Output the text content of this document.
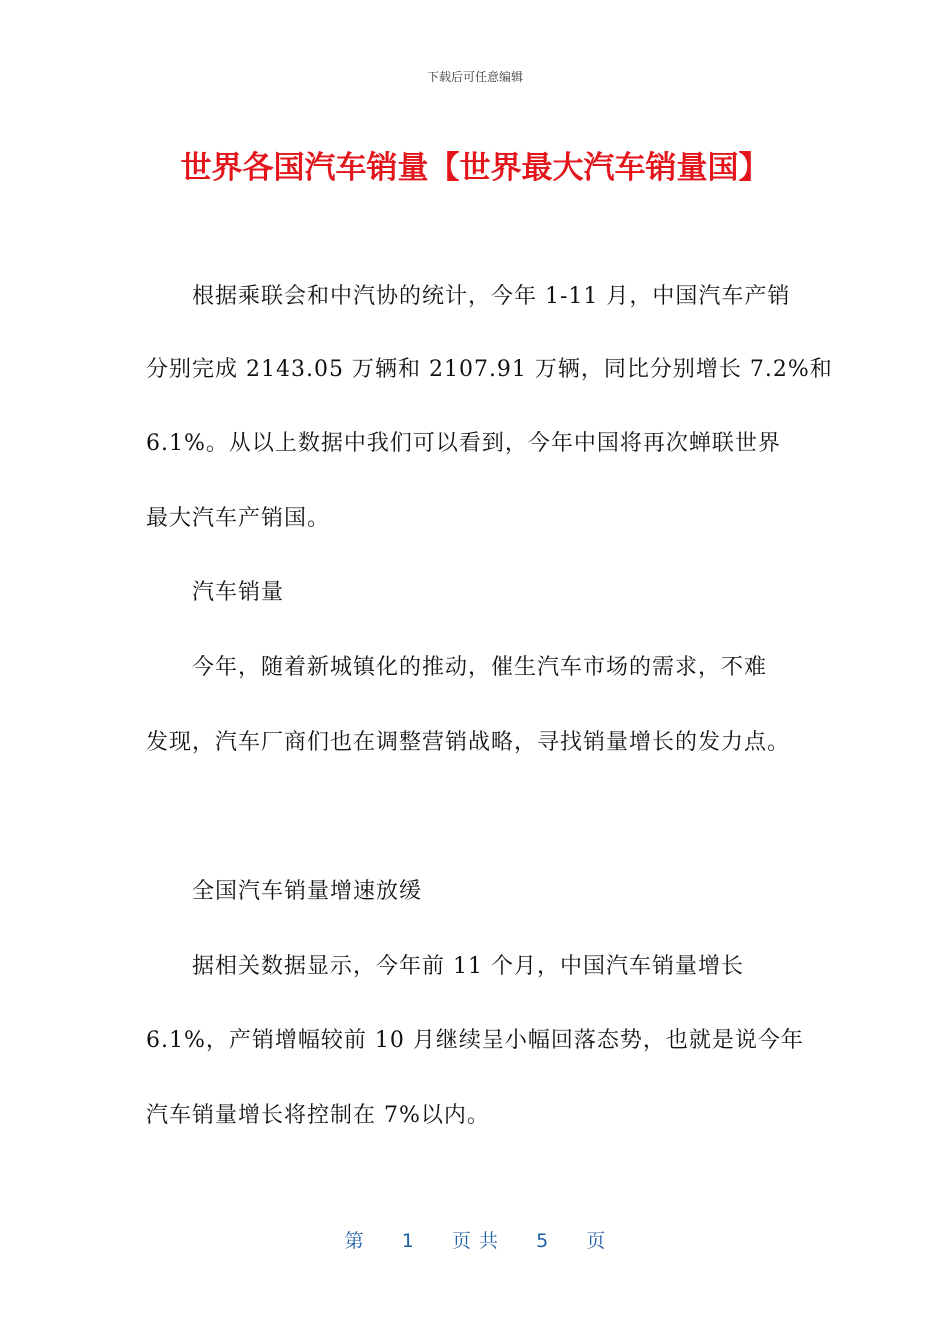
下载后可任意编辑
世界各国汽车销量【世界最大汽车销量国】
根据乘联会和中汽协的统计，今年 1-11 月，中国汽车产销
分别完成 2143.05 万辆和 2107.91 万辆，同比分别增长 7.2%和
6.1%。从以上数据中我们可以看到，今年中国将再次蝉联世界
最大汽车产销国。
汽车销量
今年，随着新城镇化的推动，催生汽车市场的需求，不难
发现，汽车厂商们也在调整营销战略，寻找销量增长的发力点。
全国汽车销量增速放缓
据相关数据显示，今年前 11 个月，中国汽车销量增长
6.1%，产销增幅较前 10 月继续呈小幅回落态势，也就是说今年
汽车销量增长将控制在 7%以内。
第 1 页 共 5 页
